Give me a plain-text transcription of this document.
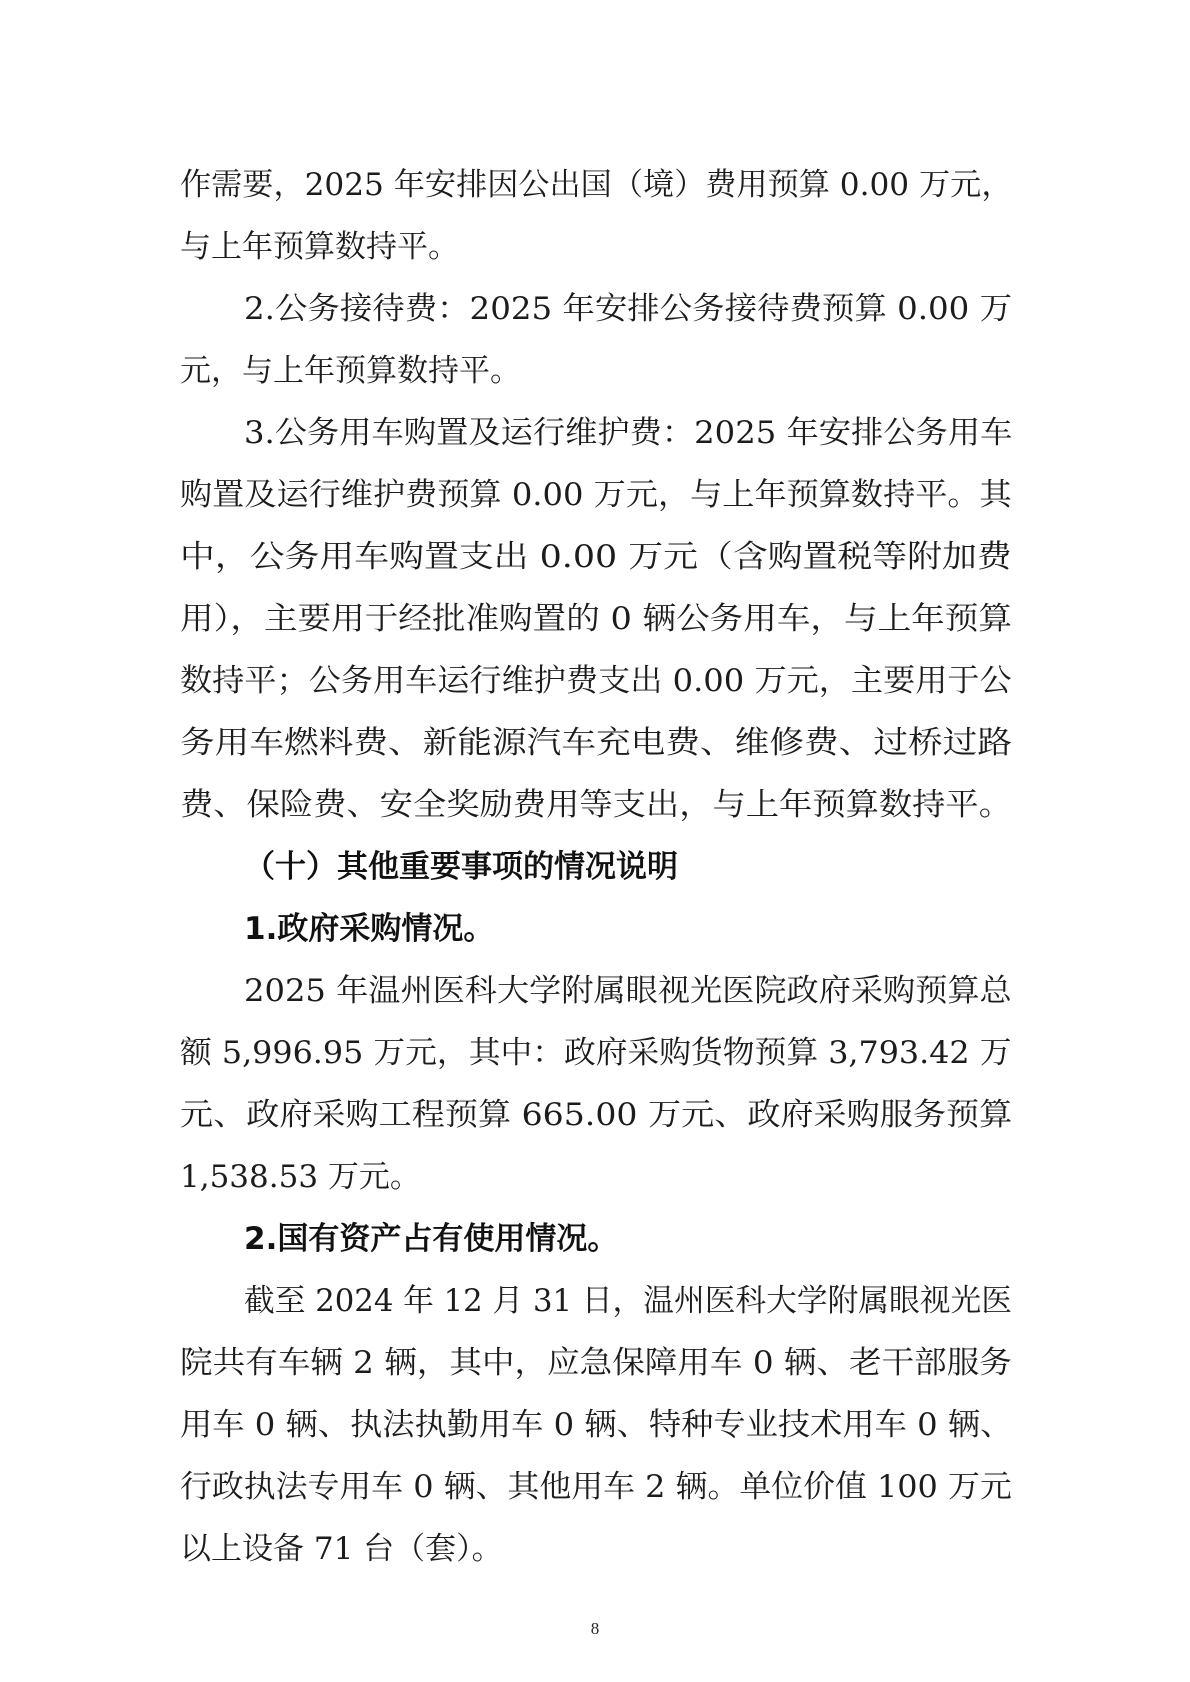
作需要，2025 年安排因公出国（境）费用预算 0.00 万元，
与上年预算数持平。
2.公务接待费：2025 年安排公务接待费预算 0.00 万
元，与上年预算数持平。
3.公务用车购置及运行维护费：2025 年安排公务用车
购置及运行维护费预算 0.00 万元，与上年预算数持平。其
中，公务用车购置支出 0.00 万元（含购置税等附加费
用），主要用于经批准购置的 0 辆公务用车，与上年预算
数持平；公务用车运行维护费支出 0.00 万元，主要用于公
务用车燃料费、新能源汽车充电费、维修费、过桥过路
费、保险费、安全奖励费用等支出，与上年预算数持平。
（十）其他重要事项的情况说明
1.政府采购情况。
2025 年温州医科大学附属眼视光医院政府采购预算总
额 5,996.95 万元，其中：政府采购货物预算 3,793.42 万
元、政府采购工程预算 665.00 万元、政府采购服务预算
1,538.53 万元。
2.国有资产占有使用情况。
截至 2024 年 12 月 31 日，温州医科大学附属眼视光医
院共有车辆 2 辆，其中，应急保障用车 0 辆、老干部服务
用车 0 辆、执法执勤用车 0 辆、特种专业技术用车 0 辆、
行政执法专用车 0 辆、其他用车 2 辆。单位价值 100 万元
以上设备 71 台（套）。
8
